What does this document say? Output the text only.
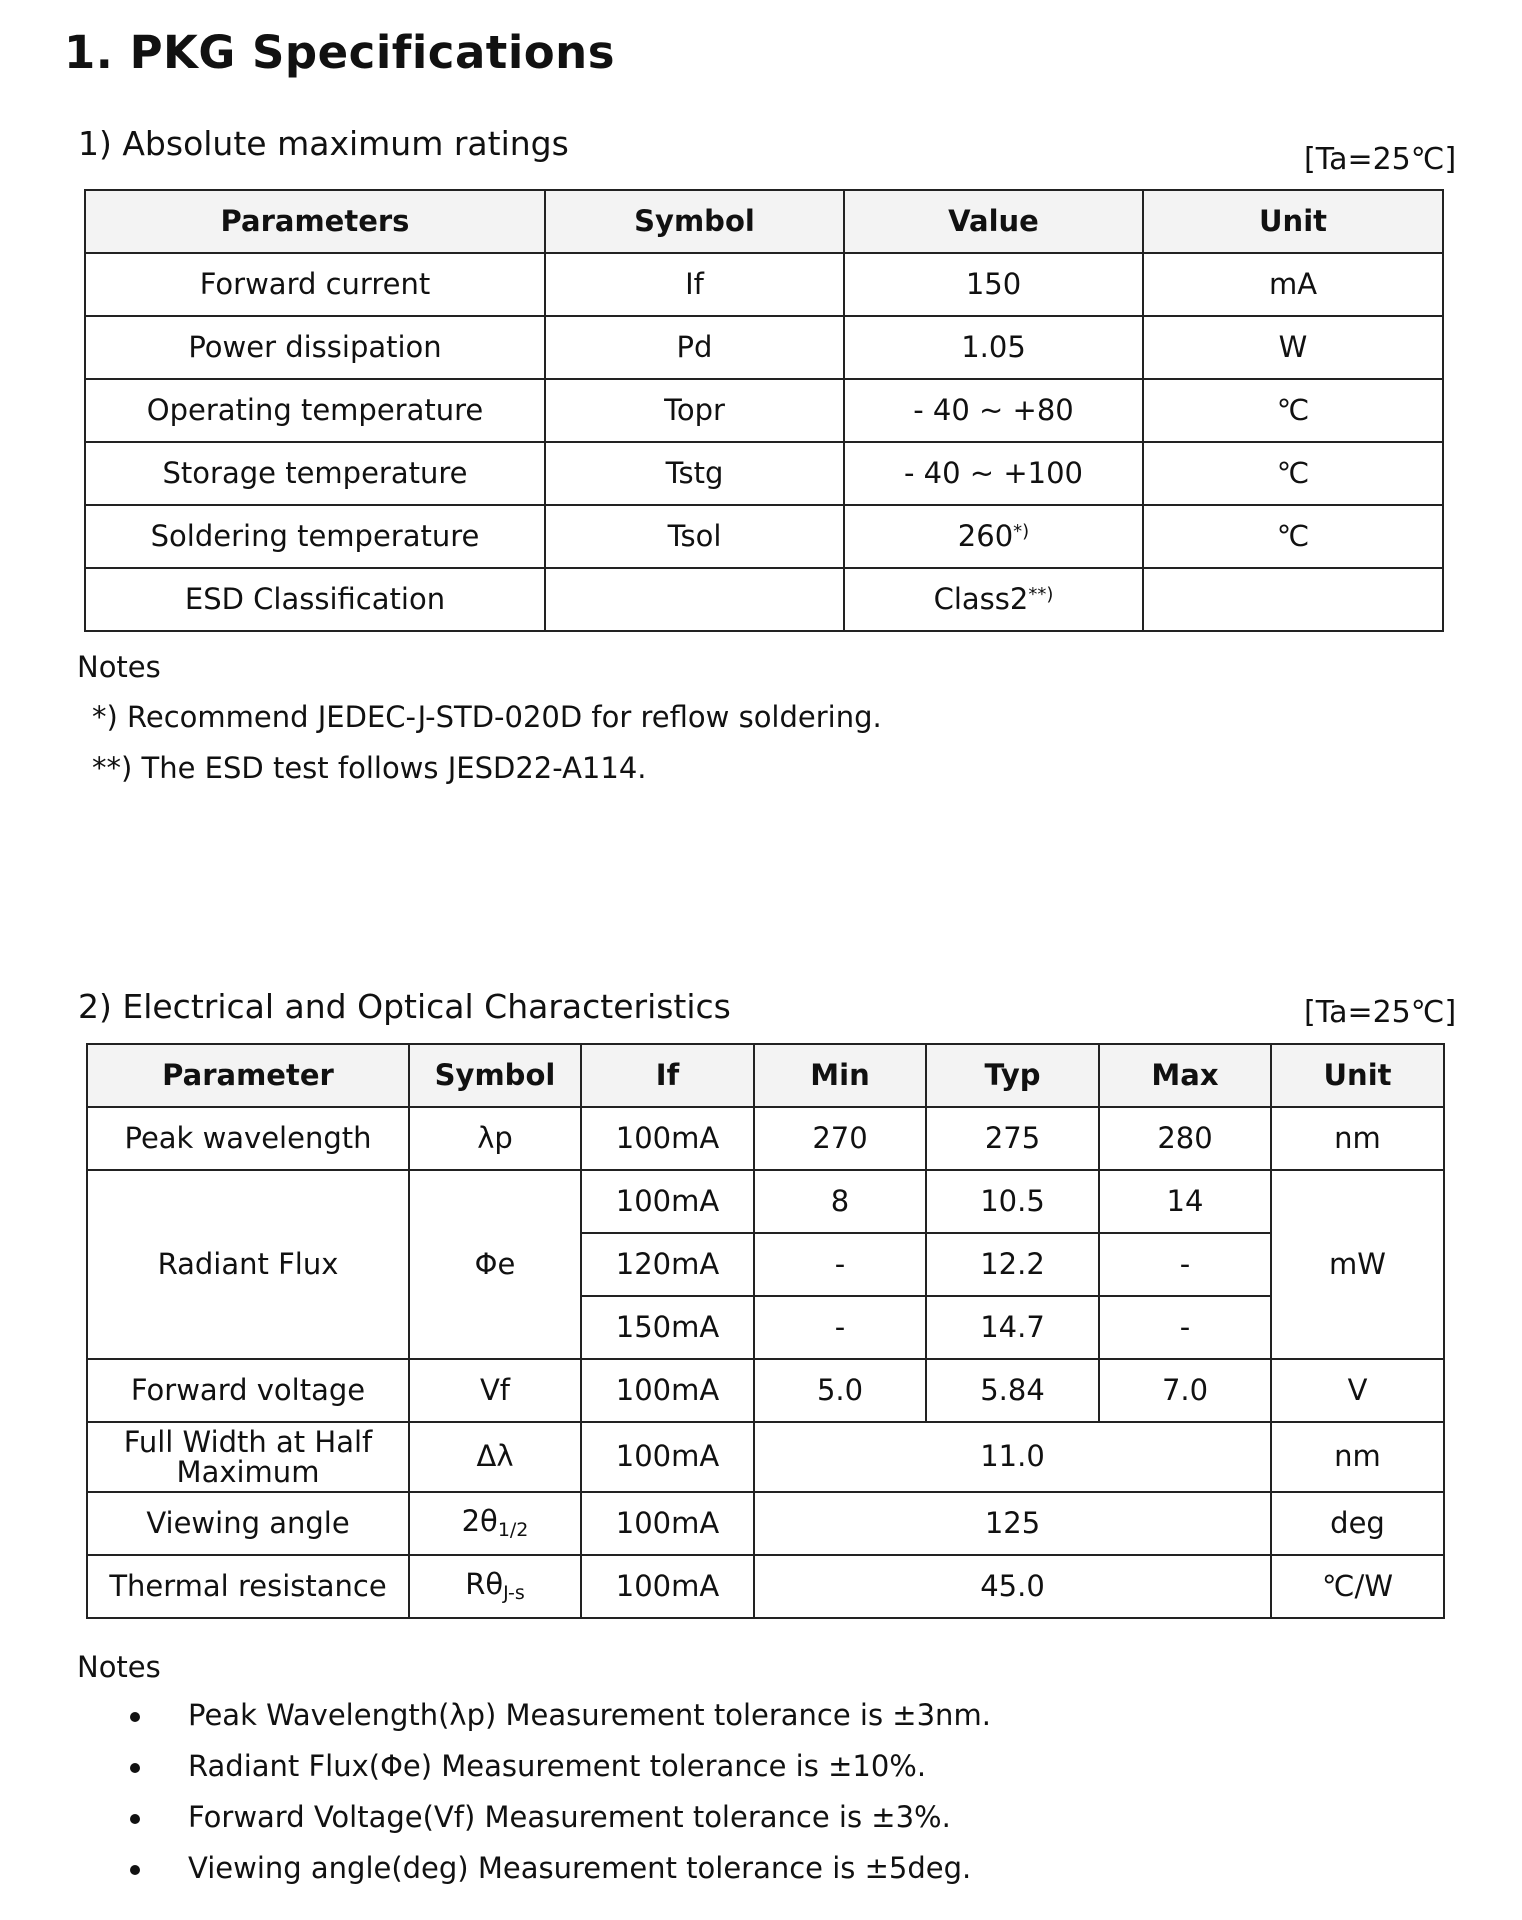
1. PKG Specifications
1) Absolute maximum ratings	[Ta=25℃]
Parameters	Symbol	Value	Unit
Forward current	If	150	mA
Power dissipation	Pd	1.05	W
Operating temperature	Topr	- 40 ~ +80	℃
Storage temperature	Tstg	- 40 ~ +100	℃
Soldering temperature	Tsol	260*)	℃
ESD Classification		Class2**)	
Notes
*) Recommend JEDEC-J-STD-020D for reflow soldering.
**) The ESD test follows JESD22-A114.
2) Electrical and Optical Characteristics	[Ta=25℃]
Parameter	Symbol	If	Min	Typ	Max	Unit
Peak wavelength	λp	100mA	270	275	280	nm
Radiant Flux	Φe	100mA	8	10.5	14	mW
		120mA	-	12.2	-	
		150mA	-	14.7	-	
Forward voltage	Vf	100mA	5.0	5.84	7.0	V
Full Width at Half
Maximum	Δλ	100mA	11.0			nm
Viewing angle	$2\theta_{1/2}$	100mA	125			deg
Thermal resistance	$R\theta_{J-s}$	100mA	45.0			℃/W
Notes
Peak Wavelength(λp) Measurement tolerance is ±3nm.
Radiant Flux(Φe) Measurement tolerance is ±10%.
Forward Voltage(Vf) Measurement tolerance is ±3%.
Viewing angle(deg) Measurement tolerance is ±5deg.
